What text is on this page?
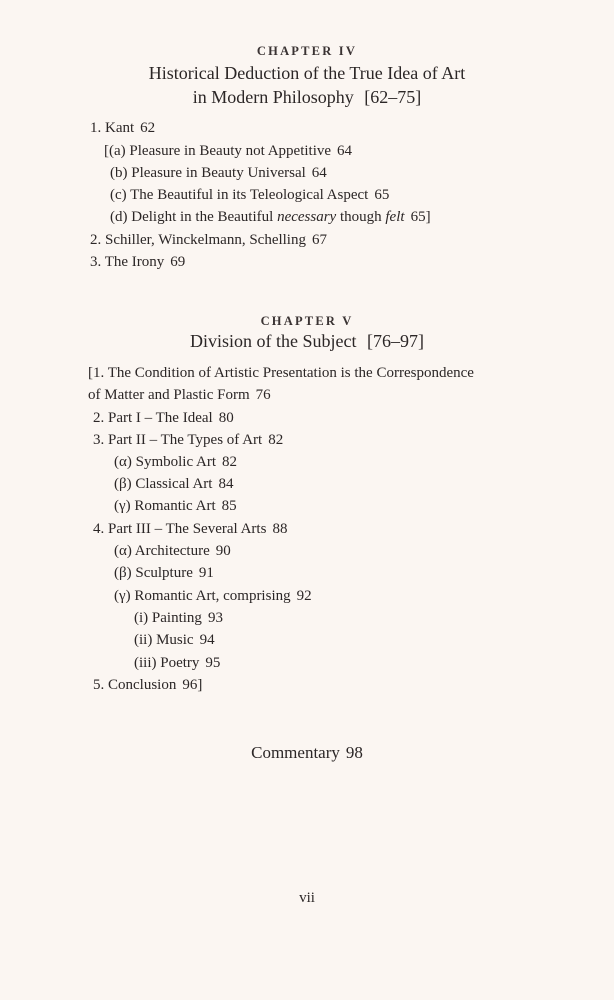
CHAPTER IV
Historical Deduction of the True Idea of Art
in Modern Philosophy [62–75]
1. Kant 62
[(a) Pleasure in Beauty not Appetitive 64
(b) Pleasure in Beauty Universal 64
(c) The Beautiful in its Teleological Aspect 65
(d) Delight in the Beautiful necessary though felt 65]
2. Schiller, Winckelmann, Schelling 67
3. The Irony 69
CHAPTER V
Division of the Subject [76–97]
[1. The Condition of Artistic Presentation is the Correspondence
of Matter and Plastic Form 76
2. Part I – The Ideal 80
3. Part II – The Types of Art 82
(α) Symbolic Art 82
(β) Classical Art 84
(γ) Romantic Art 85
4. Part III – The Several Arts 88
(α) Architecture 90
(β) Sculpture 91
(γ) Romantic Art, comprising 92
(i) Painting 93
(ii) Music 94
(iii) Poetry 95
5. Conclusion 96]
Commentary 98
vii
